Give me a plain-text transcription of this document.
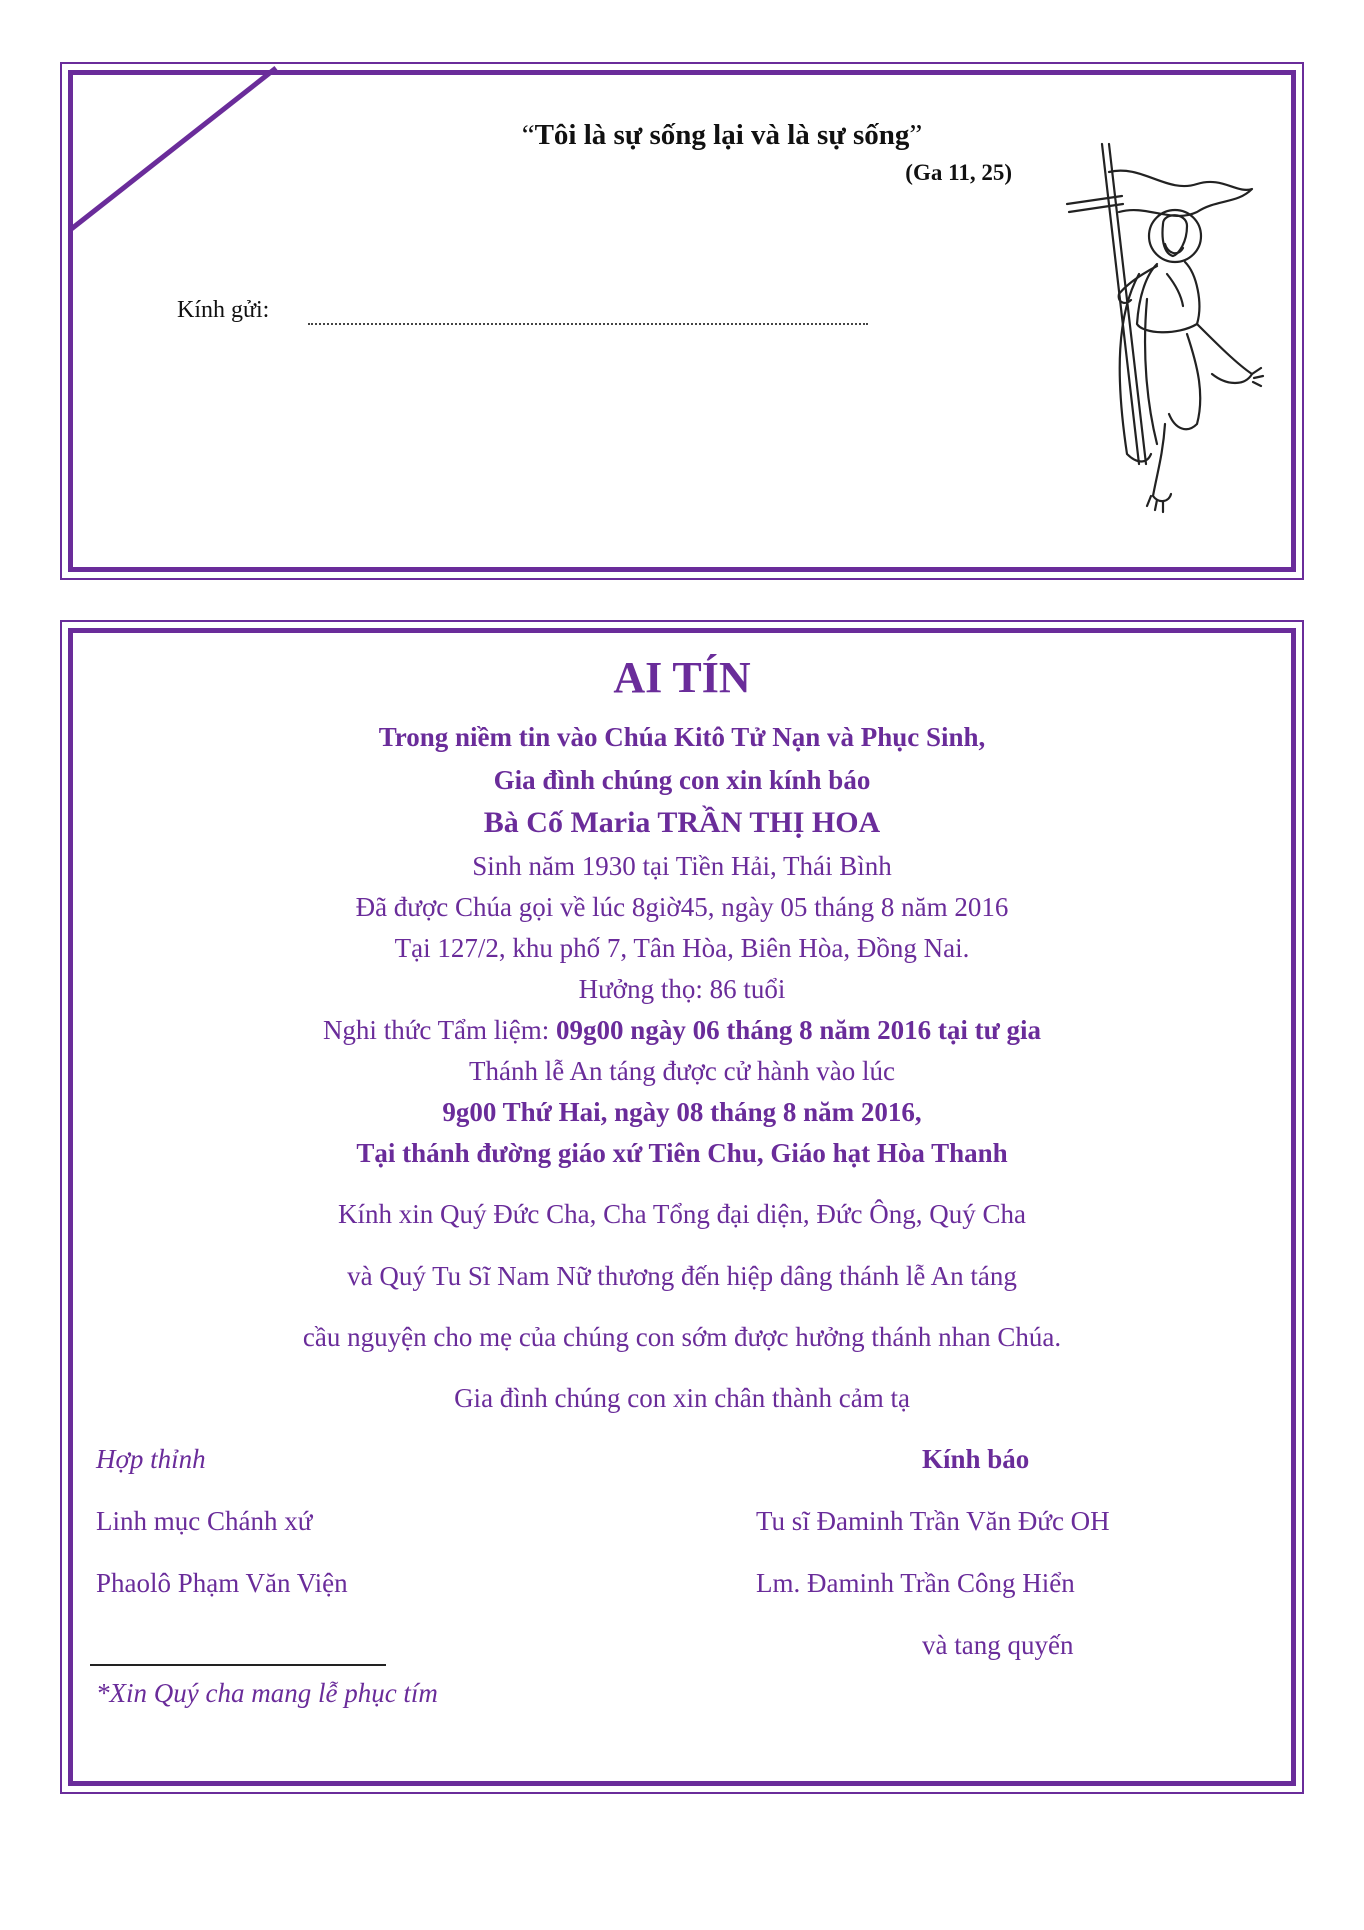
“Tôi là sự sống lại và là sự sống”
(Ga 11, 25)
Kính gửi:
AI TÍN
Trong niềm tin vào Chúa Kitô Tử Nạn và Phục Sinh,
Gia đình chúng con xin kính báo
Bà Cố Maria TRẦN THỊ HOA
Sinh năm 1930 tại Tiền Hải, Thái Bình
Đã được Chúa gọi về lúc 8giờ45, ngày 05 tháng 8 năm 2016
Tại 127/2, khu phố 7, Tân Hòa, Biên Hòa, Đồng Nai.
Hưởng thọ: 86 tuổi
Nghi thức Tẩm liệm: 09g00 ngày 06 tháng 8 năm 2016 tại tư gia
Thánh lễ An táng được cử hành vào lúc
9g00 Thứ Hai, ngày 08 tháng 8 năm 2016,
Tại thánh đường giáo xứ Tiên Chu, Giáo hạt Hòa Thanh
Kính xin Quý Đức Cha, Cha Tổng đại diện, Đức Ông, Quý Cha
và Quý Tu Sĩ Nam Nữ thương đến hiệp dâng thánh lễ An táng
cầu nguyện cho mẹ của chúng con sớm được hưởng thánh nhan Chúa.
Gia đình chúng con xin chân thành cảm tạ
Hợp thỉnh
Linh mục Chánh xứ
Phaolô Phạm Văn Viện
Kính báo
Tu sĩ Đaminh Trần Văn Đức OH
Lm. Đaminh Trần Công Hiển
và tang quyến
*Xin Quý cha mang lễ phục tím
